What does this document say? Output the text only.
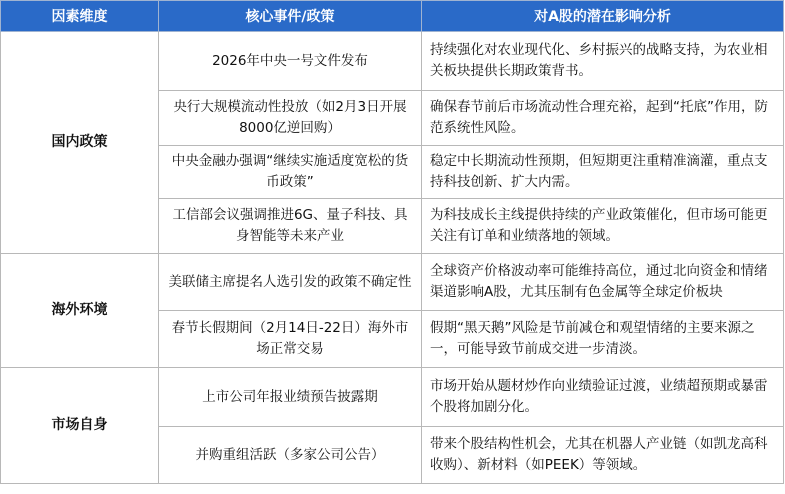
因素维度	核心事件/政策	对A股的潜在影响分析
国内政策	2026年中央一号文件发布	持续强化对农业现代化、乡村振兴的战略支持，为农业相关板块提供长期政策背书。
	央行大规模流动性投放（如2月3日开展8000亿逆回购）	确保春节前后市场流动性合理充裕，起到“托底”作用，防范系统性风险。
	中央金融办强调“继续实施适度宽松的货币政策”	稳定中长期流动性预期，但短期更注重精准滴灌，重点支持科技创新、扩大内需。
	工信部会议强调推进6G、量子科技、具身智能等未来产业	为科技成长主线提供持续的产业政策催化，但市场可能更关注有订单和业绩落地的领域。
海外环境	美联储主席提名人选引发的政策不确定性	全球资产价格波动率可能维持高位，通过北向资金和情绪渠道影响A股，尤其压制有色金属等全球定价板块
	春节长假期间（2月14日-22日）海外市场正常交易	假期“黑天鹅”风险是节前减仓和观望情绪的主要来源之一，可能导致节前成交进一步清淡。
市场自身	上市公司年报业绩预告披露期	市场开始从题材炒作向业绩验证过渡，业绩超预期或暴雷个股将加剧分化。
	并购重组活跃（多家公司公告）	带来个股结构性机会，尤其在机器人产业链（如凯龙高科收购）、新材料（如PEEK）等领域。
